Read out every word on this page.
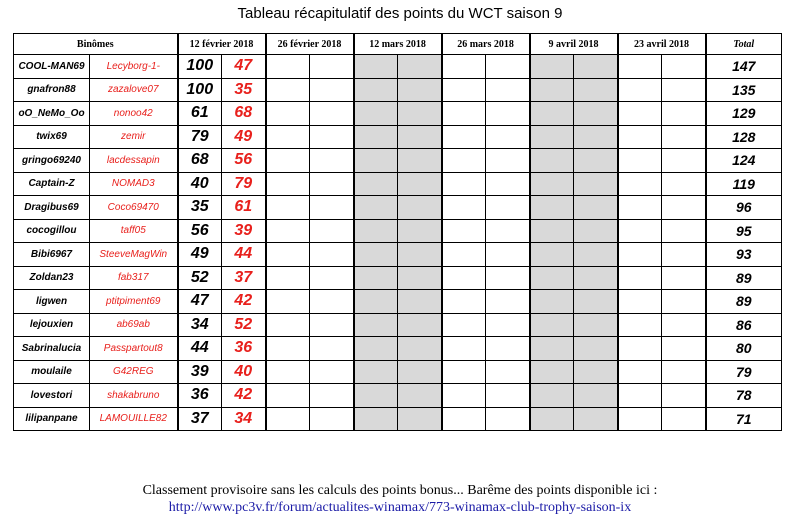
Tableau récapitulatif des points du WCT saison 9
Binômes		12 février 2018		26 février 2018		12 mars 2018		26 mars 2018		9 avril 2018		23 avril 2018		Total
COOL-MAN69	Lecyborg-1-	100	47											147
gnafron88	zazalove07	100	35											135
oO_NeMo_Oo	nonoo42	61	68											129
twix69	zemir	79	49											128
gringo69240	lacdessapin	68	56											124
Captain-Z	NOMAD3	40	79											119
Dragibus69	Coco69470	35	61											96
cocogillou	taff05	56	39											95
Bibi6967	SteeveMagWin	49	44											93
Zoldan23	fab317	52	37											89
ligwen	ptitpiment69	47	42											89
lejouxien	ab69ab	34	52											86
Sabrinalucia	Passpartout8	44	36											80
moulaile	G42REG	39	40											79
lovestori	shakabruno	36	42											78
lilipanpane	LAMOUILLE82	37	34											71
Classement provisoire sans les calculs des points bonus... Barême des points disponible ici :
http://www.pc3v.fr/forum/actualites-winamax/773-winamax-club-trophy-saison-ix
